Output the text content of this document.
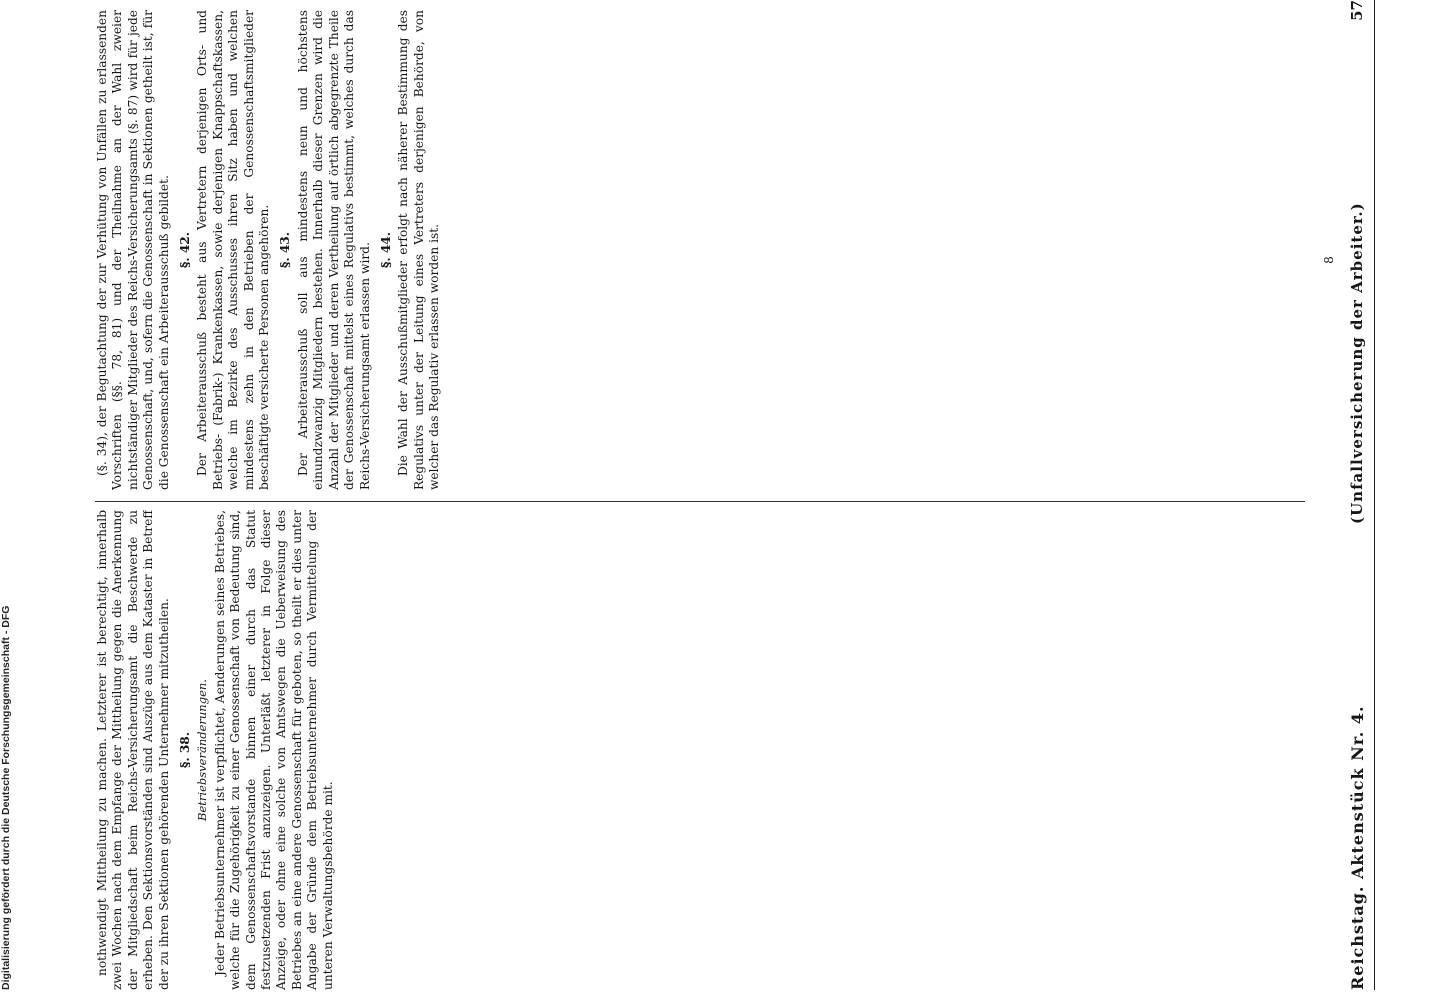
Reichstag. Aktenstück Nr. 4.
(Unfallversicherung der Arbeiter.)
57

nothwendigt Mittheilung zu machen. Letzterer ist berechtigt, innerhalb zwei Wochen nach dem Empfange der Mittheilung gegen die Anerkennung der Mitgliedschaft beim Reichs-Versicherungsamt die Beschwerde zu erheben. Den Sektionsvorständen sind Auszüge aus dem Kataster in Betreff der zu ihren Sektionen gehörenden Unternehmer mitzutheilen. §. 38. Betriebsveränderungen. Jeder Betriebsunternehmer ist verpflichtet, Aenderungen seines Betriebes, welche für die Zugehörigkeit zu einer Genossenschaft von Bedeutung sind, dem Genossenschaftsvorstande binnen einer durch das Statut festzusetzenden Frist anzuzeigen. Unterläßt letzterer in Folge dieser Anzeige, oder ohne eine solche von Amtswegen die Ueberweisung des Betriebes an eine andere Genossenschaft für geboten, so theilt er dies unter Angabe der Gründe dem Betriebsunternehmer durch Vermittelung der unteren Verwaltungsbehörde mit.

(§. 34), der Begutachtung der zur Verhütung von Unfällen zu erlassenden Vorschriften (§§. 78, 81) und der Theilnahme an der Wahl zweier nichtständiger Mitglieder des Reichs-Versicherungsamts (§. 87) wird für jede Genossenschaft, und, sofern die Genossenschaft in Sektionen getheilt ist, für die Genossenschaft ein Arbeiterausschuß gebildet. §. 42. Der Arbeiterausschuß besteht aus Vertretern derjenigen Orts- und Betriebs- (Fabrik-) Krankenkassen, sowie derjenigen Knappschaftskassen, welche im Bezirke des Ausschusses ihren Sitz haben und welchen mindestens zehn in den Betrieben der Genossenschaftsmitglieder beschäftigte versicherte Personen angehören. §. 43. Der Arbeiterausschuß soll aus mindestens neun und höchstens einundzwanzig Mitgliedern bestehen. Innerhalb dieser Grenzen wird die Anzahl der Mitglieder und deren Vertheilung auf örtlich abgegrenzte Theile der Genossenschaft mittelst eines Regulativs bestimmt, welches durch das Reichs-Versicherungsamt erlassen wird. §. 44. Die Wahl der Ausschußmitglieder erfolgt nach näherer Bestimmung des Regulativs unter der Leitung eines Vertreters derjenigen Behörde, von welcher das Regulativ erlassen worden ist.	8
Digitalisierung gefördert durch die Deutsche Forschungsgemeinschaft - DFG
